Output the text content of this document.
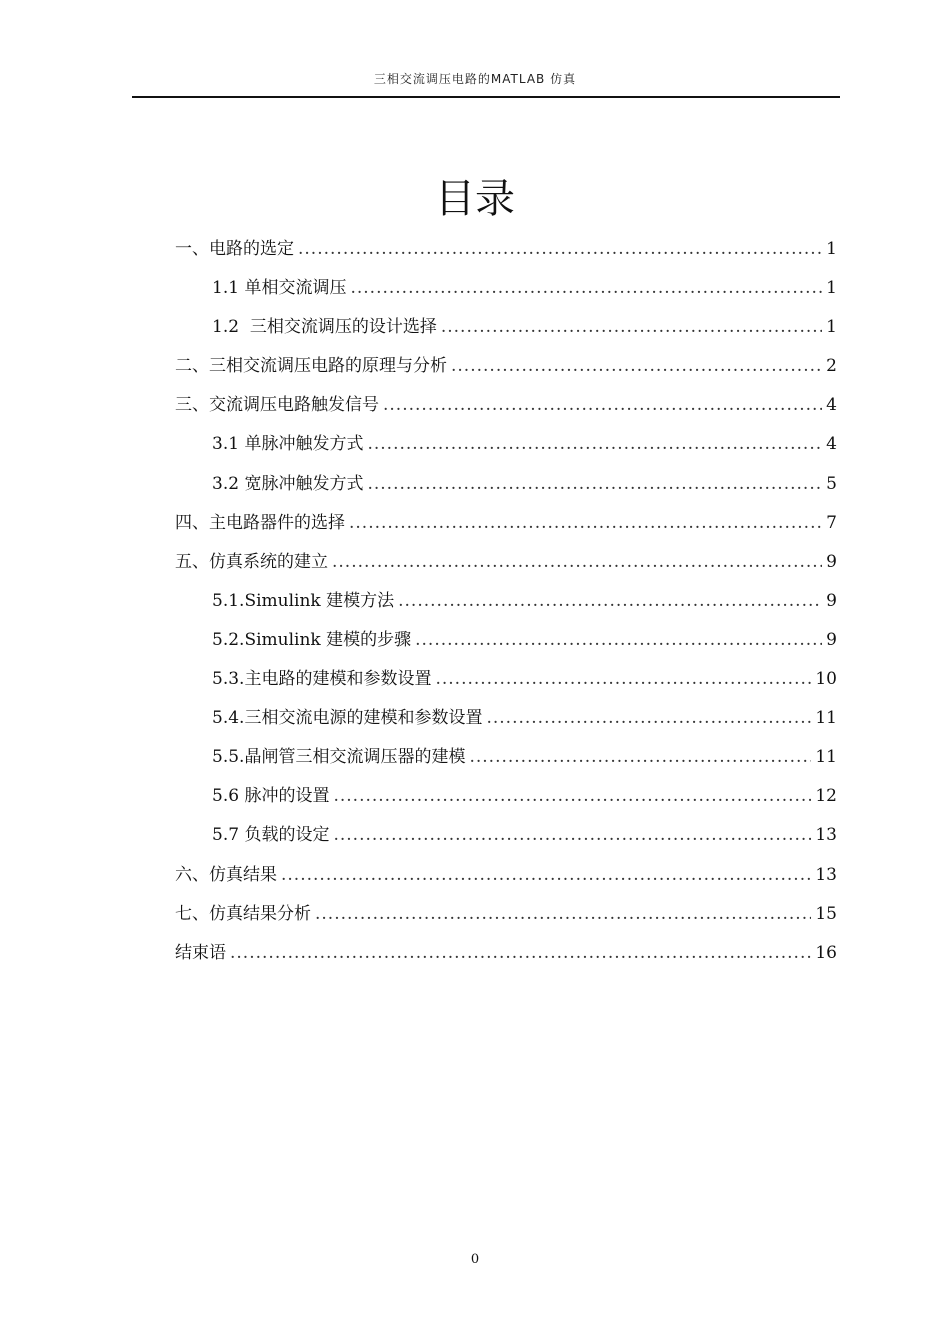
三相交流调压电路的MATLAB 仿真
目录
一、电路的选定 .....	1
1.1 单相交流调压 .....	1
1.2  三相交流调压的设计选择 .....	1
二、三相交流调压电路的原理与分析 .....	2
三、交流调压电路触发信号 .....	4
3.1 单脉冲触发方式 .....	4
3.2 宽脉冲触发方式 .....	5
四、主电路器件的选择 .....	7
五、仿真系统的建立 .....	9
5.1.Simulink 建模方法 .....	9
5.2.Simulink 建模的步骤 .....	9
5.3.主电路的建模和参数设置 .....	10
5.4.三相交流电源的建模和参数设置 .....	11
5.5.晶闸管三相交流调压器的建模 .....	11
5.6 脉冲的设置 .....	12
5.7 负载的设定 .....	13
六、仿真结果 .....	13
七、仿真结果分析 .....	15
结束语 .....	16
0
